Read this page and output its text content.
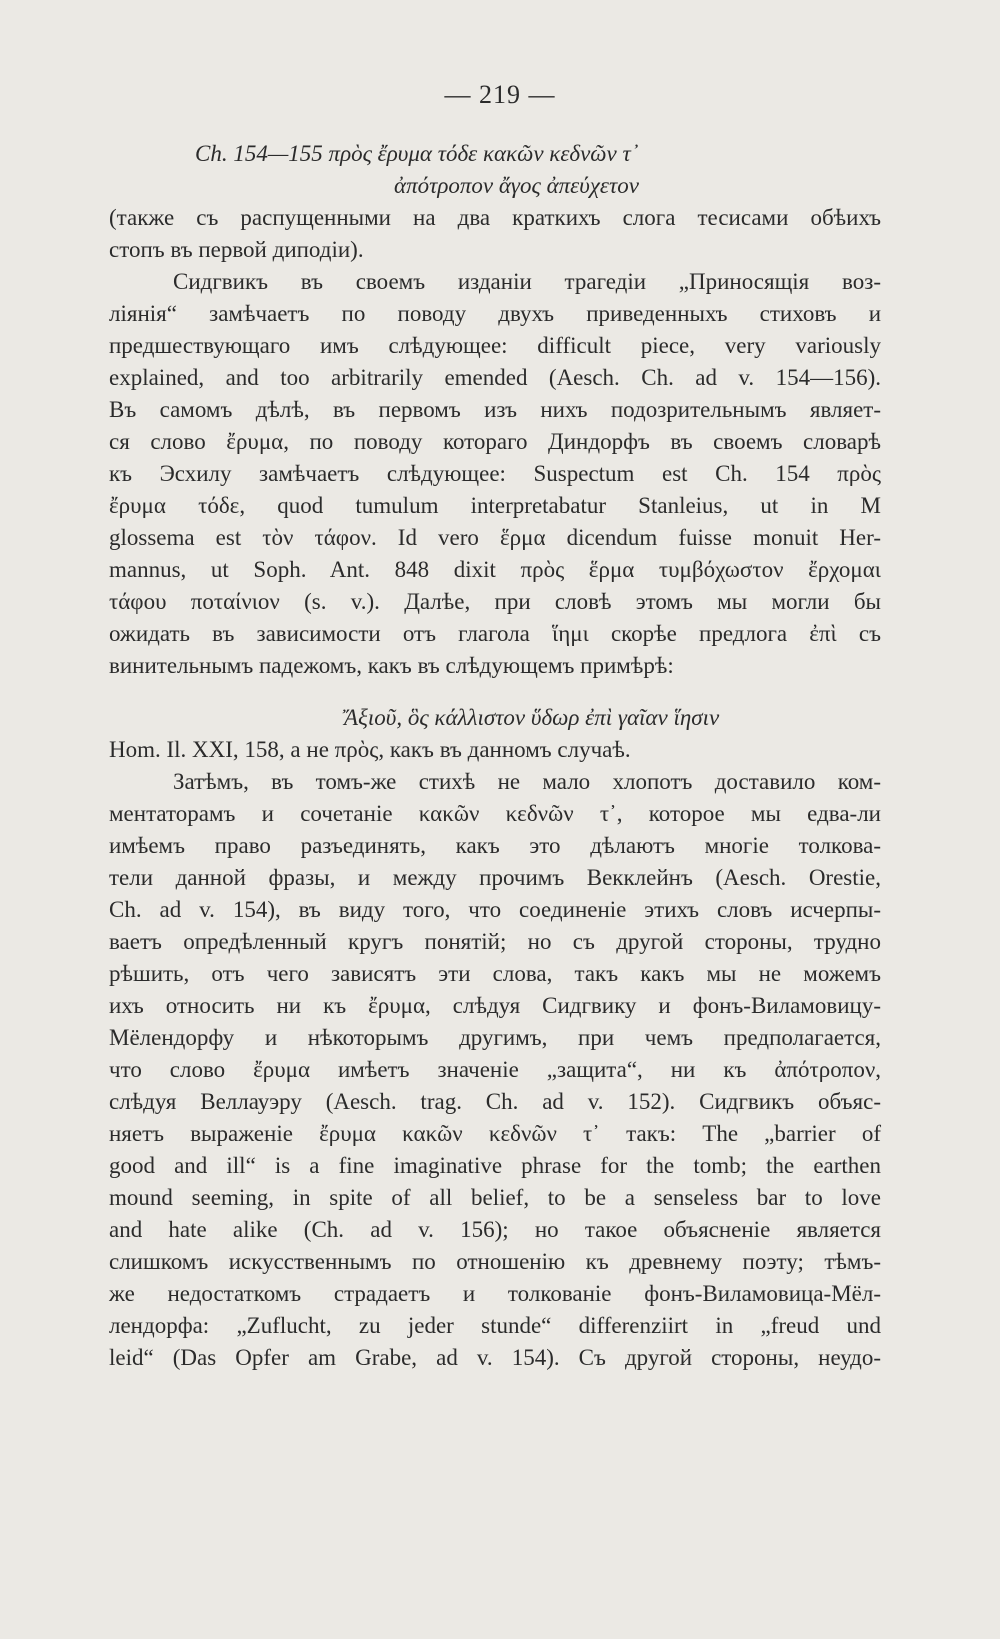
— 219 —
Ch. 154—155 πρὸς ἔρυμα τόδε κακῶν κεδνῶν τ᾽
ἀπότροπον ἄγος ἀπεύχετον
(также съ распущенными на два краткихъ слога тесисами обѣихъ
стопъ въ первой диподіи).
Сидгвикъ въ своемъ изданіи трагедіи „Приносящія воз-
ліянія“ замѣчаетъ по поводу двухъ приведенныхъ стиховъ и
предшествующаго имъ слѣдующее: difficult piece, very variously
explained, and too arbitrarily emended (Aesch. Ch. ad v. 154—156).
Въ самомъ дѣлѣ, въ первомъ изъ нихъ подозрительнымъ являет-
ся слово ἔρυμα, по поводу котораго Диндорфъ въ своемъ словарѣ
къ Эсхилу замѣчаетъ слѣдующее: Suspectum est Ch. 154 πρὸς
ἔρυμα τόδε, quod tumulum interpretabatur Stanleius, ut in M
glossema est τὸν τάφον. Id vero ἕρμα dicendum fuisse monuit Her-
mannus, ut Soph. Ant. 848 dixit πρὸς ἕρμα τυμβόχωστον ἔρχομαι
τάφου ποταίνιον (s. v.). Далѣе, при словѣ этомъ мы могли бы
ожидать въ зависимости отъ глагола ἵημι скорѣе предлога ἐπὶ съ
винительнымъ падежомъ, какъ въ слѣдующемъ примѣрѣ:
Ἄξιοῦ, ὃς κάλλιστον ὕδωρ ἐπὶ γαῖαν ἵησιν
Hom. Il. XXI, 158, а не πρὸς, какъ въ данномъ случаѣ.
Затѣмъ, въ томъ-же стихѣ не мало хлопотъ доставило ком-
ментаторамъ и сочетаніе κακῶν κεδνῶν τ᾽, которое мы едва-ли
имѣемъ право разъединять, какъ это дѣлаютъ многіе толкова-
тели данной фразы, и между прочимъ Векклейнъ (Aesch. Orestie,
Ch. ad v. 154), въ виду того, что соединеніе этихъ словъ исчерпы-
ваетъ опредѣленный кругъ понятій; но съ другой стороны, трудно
рѣшить, отъ чего зависятъ эти слова, такъ какъ мы не можемъ
ихъ относить ни къ ἔρυμα, слѣдуя Сидгвику и фонъ-Виламовицу-
Мёлендорфу и нѣкоторымъ другимъ, при чемъ предполагается,
что слово ἔρυμα имѣетъ значеніе „защита“, ни къ ἀπότροπον,
слѣдуя Веллауэру (Aesch. trag. Ch. ad v. 152). Сидгвикъ объяс-
няетъ выраженіе ἔρυμα κακῶν κεδνῶν τ᾽ такъ: The „barrier of
good and ill“ is a fine imaginative phrase for the tomb; the earthen
mound seeming, in spite of all belief, to be a senseless bar to love
and hate alike (Ch. ad v. 156); но такое объясненіе является
слишкомъ искусственнымъ по отношенію къ древнему поэту; тѣмъ-
же недостаткомъ страдаетъ и толкованіе фонъ-Виламовица-Мёл-
лендорфа: „Zuflucht, zu jeder stunde“ differenziirt in „freud und
leid“ (Das Opfer am Grabe, ad v. 154). Съ другой стороны, неудо-
